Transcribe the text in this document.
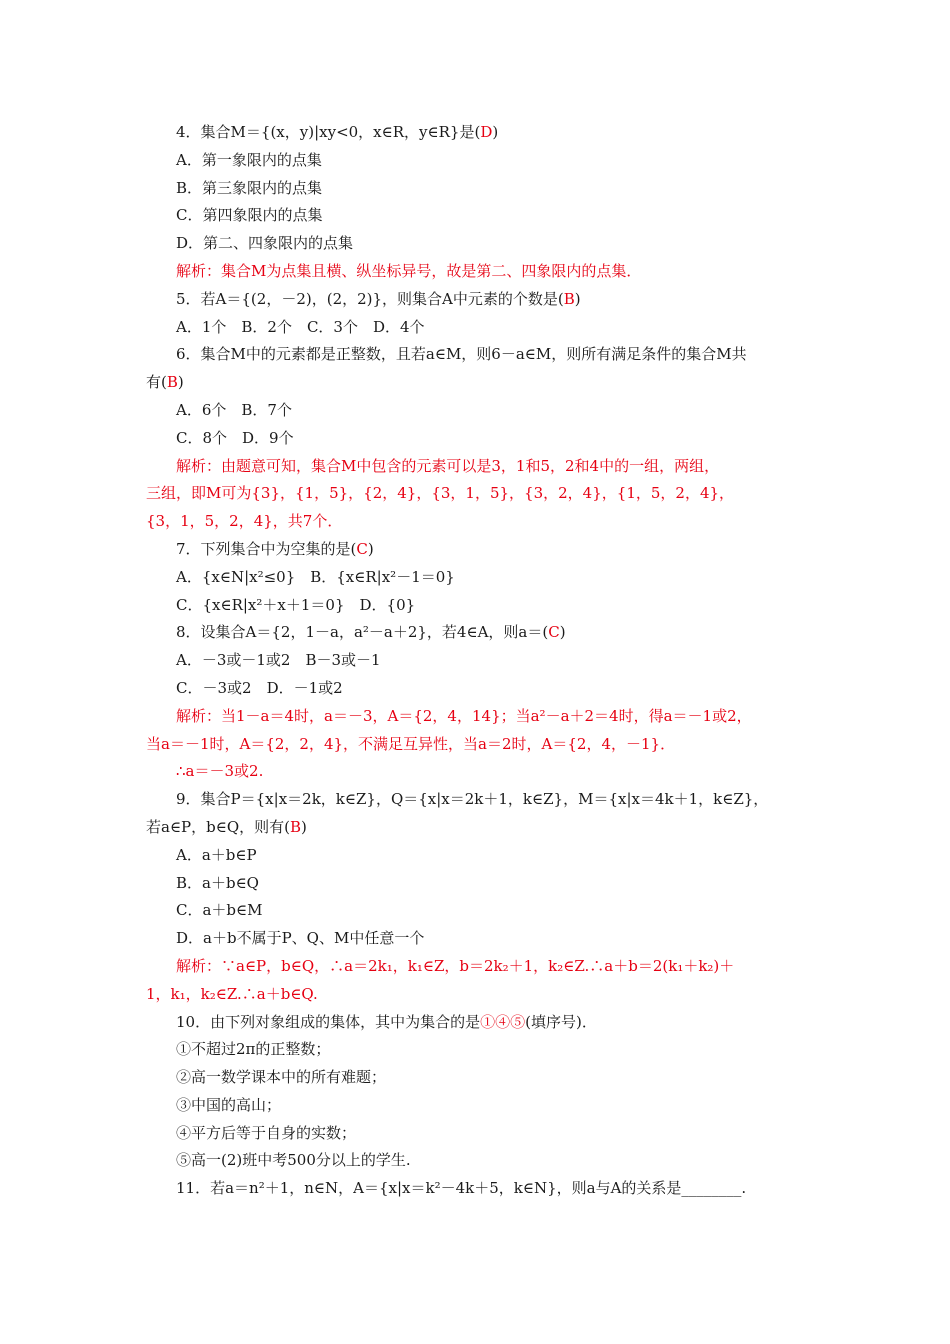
4．集合M＝{(x，y)|xy<0，x∈R，y∈R}是(D)
A．第一象限内的点集
B．第三象限内的点集
C．第四象限内的点集
D．第二、四象限内的点集
解析：集合M为点集且横、纵坐标异号，故是第二、四象限内的点集．
5．若A＝{(2，－2)，(2，2)}，则集合A中元素的个数是(B)
A．1个　B．2个　C．3个　D．4个
6．集合M中的元素都是正整数，且若a∈M，则6－a∈M，则所有满足条件的集合M共
有(B)
A．6个　B．7个
C．8个　D．9个
解析：由题意可知，集合M中包含的元素可以是3，1和5，2和4中的一组，两组，
三组，即M可为{3}，{1，5}，{2，4}，{3，1，5}，{3，2，4}，{1，5，2，4}，
{3，1，5，2，4}，共7个．
7．下列集合中为空集的是(C)
A．{x∈N|x²≤0}　B．{x∈R|x²－1＝0}
C．{x∈R|x²＋x＋1＝0}　D．{0}
8．设集合A＝{2，1－a，a²－a＋2}，若4∈A，则a＝(C)
A．－3或－1或2　B－3或－1
C．－3或2　D．－1或2
解析：当1－a＝4时，a＝－3，A＝{2，4，14}；当a²－a＋2＝4时，得a＝－1或2，
当a＝－1时，A＝{2，2，4}，不满足互异性，当a＝2时，A＝{2，4，－1}．
∴a＝－3或2.
9．集合P＝{x|x＝2k，k∈Z}，Q＝{x|x＝2k＋1，k∈Z}，M＝{x|x＝4k＋1，k∈Z}，
若a∈P，b∈Q，则有(B)
A．a＋b∈P
B．a＋b∈Q
C．a＋b∈M
D．a＋b不属于P、Q、M中任意一个
解析：∵a∈P，b∈Q，∴a＝2k₁，k₁∈Z，b＝2k₂＋1，k₂∈Z.∴a＋b＝2(k₁＋k₂)＋
1，k₁，k₂∈Z.∴a＋b∈Q.
10．由下列对象组成的集体，其中为集合的是①④⑤(填序号)．
①不超过2π的正整数；
②高一数学课本中的所有难题；
③中国的高山；
④平方后等于自身的实数；
⑤高一(2)班中考500分以上的学生.
11．若a＝n²＋1，n∈N，A＝{x|x＝k²－4k＋5，k∈N}，则a与A的关系是________.
